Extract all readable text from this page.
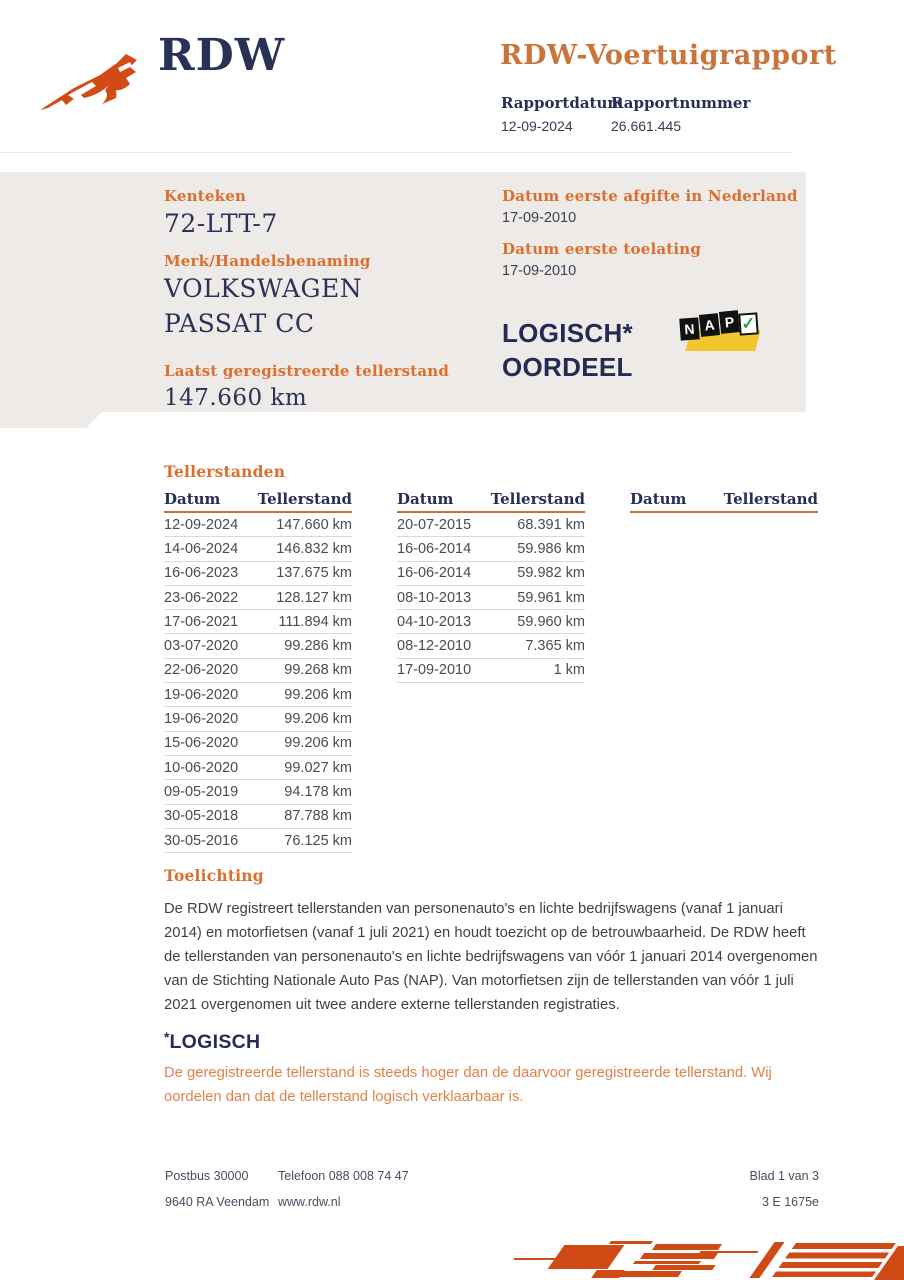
RDW	RDW-Voertuigrapport
Rapportdatum
12-09-2024
Rapportnummer
26.661.445
Kenteken
72-LTT-7
Merk/Handelsbenaming
VOLKSWAGEN
PASSAT CC
Laatst geregistreerde tellerstand
147.660 km
Datum eerste afgifte in Nederland
17-09-2010
Datum eerste toelating
17-09-2010
LOGISCH*
OORDEEL
N A P ✓
Tellerstanden
Datum Tellerstand
12-09-2024	147.660 km
14-06-2024	146.832 km
16-06-2023	137.675 km
23-06-2022	128.127 km
17-06-2021	111.894 km
03-07-2020	99.286 km
22-06-2020	99.268 km
19-06-2020	99.206 km
19-06-2020	99.206 km
15-06-2020	99.206 km
10-06-2020	99.027 km
09-05-2019	94.178 km
30-05-2018	87.788 km
30-05-2016	76.125 km
Datum Tellerstand
20-07-2015	68.391 km
16-06-2014	59.986 km
16-06-2014	59.982 km
08-10-2013	59.961 km
04-10-2013	59.960 km
08-12-2010	7.365 km
17-09-2010	1 km
Datum Tellerstand
Toelichting
De RDW registreert tellerstanden van personenauto's en lichte bedrijfswagens (vanaf 1 januari 2014) en motorfietsen (vanaf 1 juli 2021) en houdt toezicht op de betrouwbaarheid. De RDW heeft de tellerstanden van personenauto's en lichte bedrijfswagens van vóór 1 januari 2014 overgenomen van de Stichting Nationale Auto Pas (NAP). Van motorfietsen zijn de tellerstanden van vóór 1 juli 2021 overgenomen uit twee andere externe tellerstanden registraties.
*LOGISCH
De geregistreerde tellerstand is steeds hoger dan de daarvoor geregistreerde tellerstand. Wij oordelen dan dat de tellerstand logisch verklaarbaar is.
Postbus 30000	Telefoon 088 008 74 47	Blad 1 van 3
9640 RA Veendam www.rdw.nl	3 E 1675e
